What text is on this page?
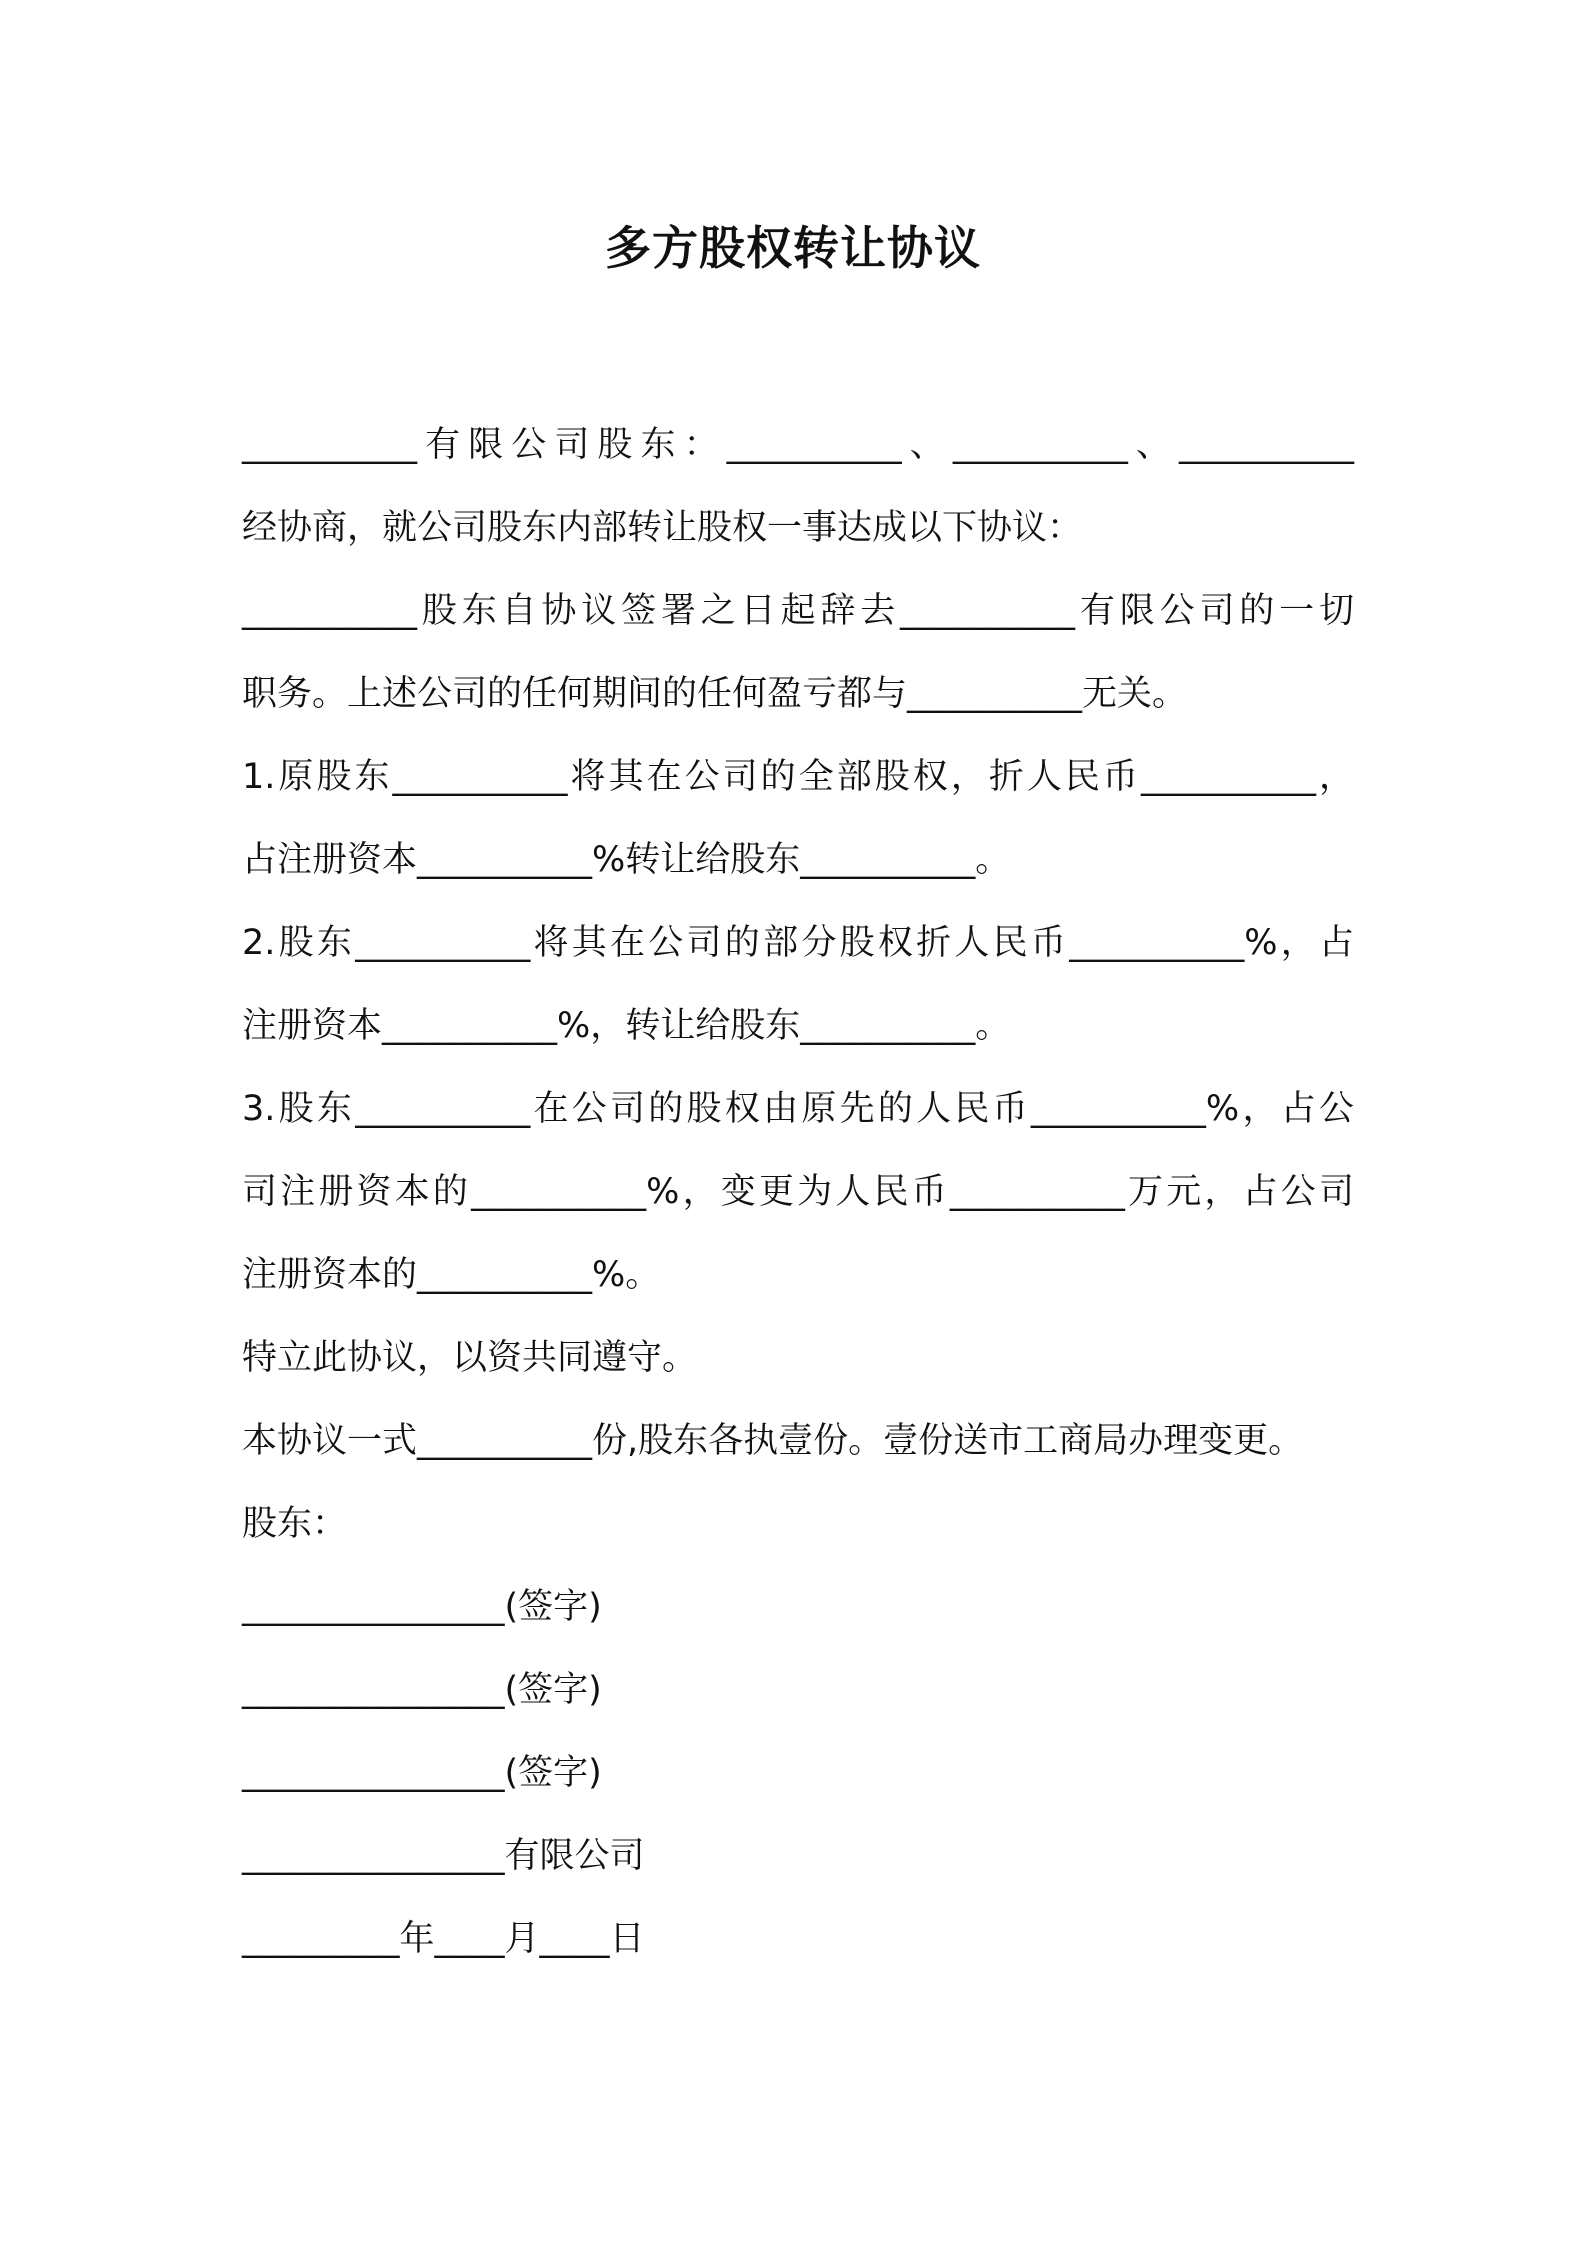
多方股权转让协议
__________有限公司股东：__________、__________、__________
经协商，就公司股东内部转让股权一事达成以下协议：
__________股东自协议签署之日起辞去__________有限公司的一切
职务。上述公司的任何期间的任何盈亏都与__________无关。
1.原股东__________将其在公司的全部股权，折人民币__________，
占注册资本__________%转让给股东__________。
2.股东__________将其在公司的部分股权折人民币__________%，占
注册资本__________%，转让给股东__________。
3.股东__________在公司的股权由原先的人民币__________%，占公
司注册资本的__________%，变更为人民币__________万元，占公司
注册资本的__________%。
特立此协议，以资共同遵守。
本协议一式__________份,股东各执壹份。壹份送市工商局办理变更。
股东：
_______________(签字)
_______________(签字)
_______________(签字)
_______________有限公司
_________年____月____日
